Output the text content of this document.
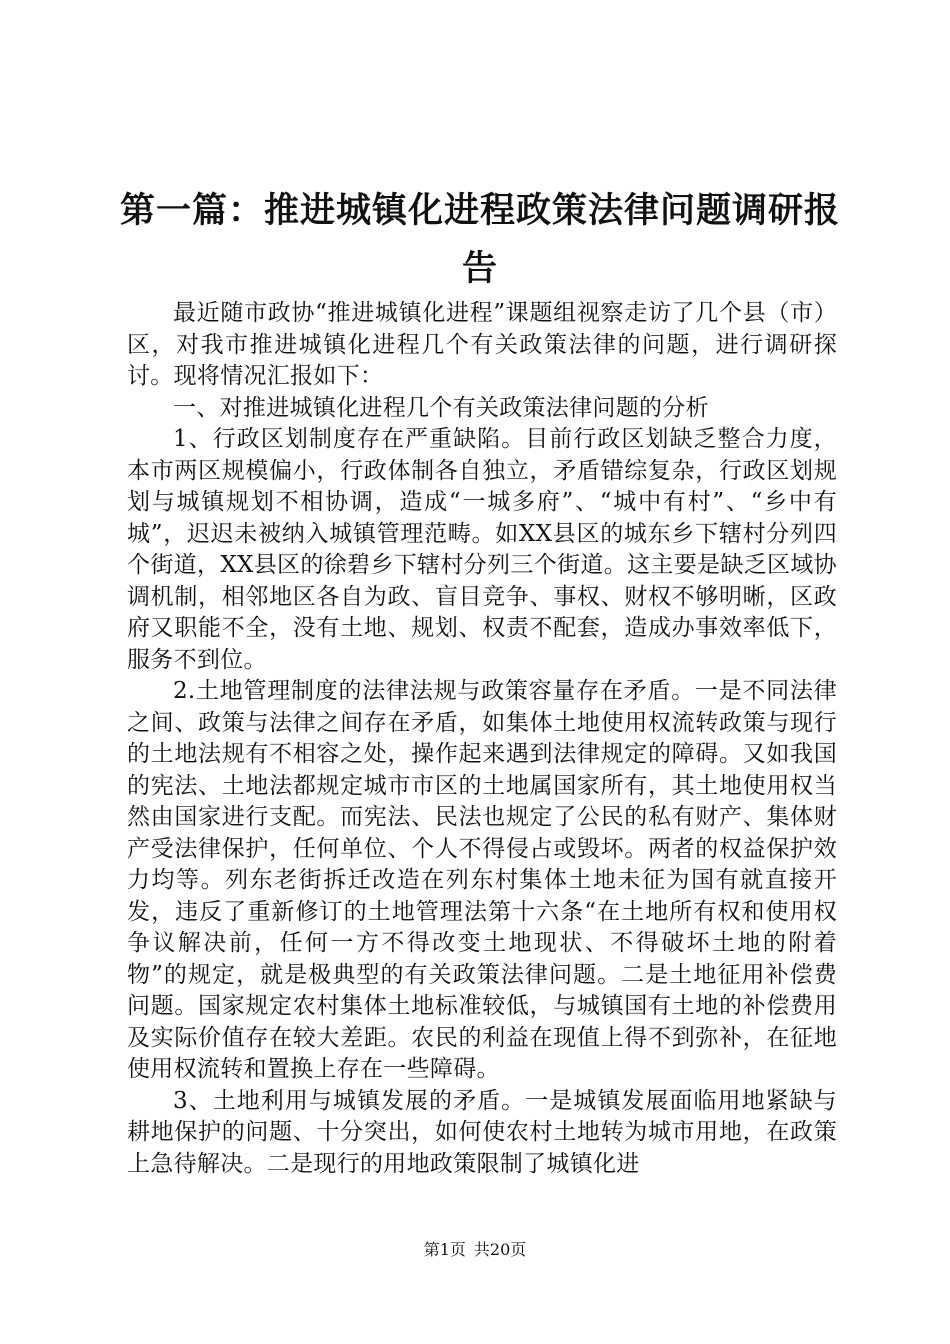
第一篇：推进城镇化进程政策法律问题调研报
告

最近随市政协“推进城镇化进程”课题组视察走访了几个县（市）区，对我市推进城镇化进程几个有关政策法律的问题，进行调研探讨。现将情况汇报如下：

一、对推进城镇化进程几个有关政策法律问题的分析

1、行政区划制度存在严重缺陷。目前行政区划缺乏整合力度，本市两区规模偏小，行政体制各自独立，矛盾错综复杂，行政区划规划与城镇规划不相协调，造成“一城多府”、“城中有村”、“乡中有城”，迟迟未被纳入城镇管理范畴。如XX县区的城东乡下辖村分列四个街道，XX县区的徐碧乡下辖村分列三个街道。这主要是缺乏区域协调机制，相邻地区各自为政、盲目竞争、事权、财权不够明晰，区政府又职能不全，没有土地、规划、权责不配套，造成办事效率低下，服务不到位。

2.土地管理制度的法律法规与政策容量存在矛盾。一是不同法律之间、政策与法律之间存在矛盾，如集体土地使用权流转政策与现行的土地法规有不相容之处，操作起来遇到法律规定的障碍。又如我国的宪法、土地法都规定城市市区的土地属国家所有，其土地使用权当然由国家进行支配。而宪法、民法也规定了公民的私有财产、集体财产受法律保护，任何单位、个人不得侵占或毁坏。两者的权益保护效力均等。列东老街拆迁改造在列东村集体土地未征为国有就直接开发，违反了重新修订的土地管理法第十六条“在土地所有权和使用权争议解决前，任何一方不得改变土地现状、不得破坏土地的附着物”的规定，就是极典型的有关政策法律问题。二是土地征用补偿费问题。国家规定农村集体土地标准较低，与城镇国有土地的补偿费用及实际价值存在较大差距。农民的利益在现值上得不到弥补，在征地使用权流转和置换上存在一些障碍。

3、土地利用与城镇发展的矛盾。一是城镇发展面临用地紧缺与耕地保护的问题、十分突出，如何使农村土地转为城市用地，在政策上急待解决。二是现行的用地政策限制了城镇化进

第1页 共20页
